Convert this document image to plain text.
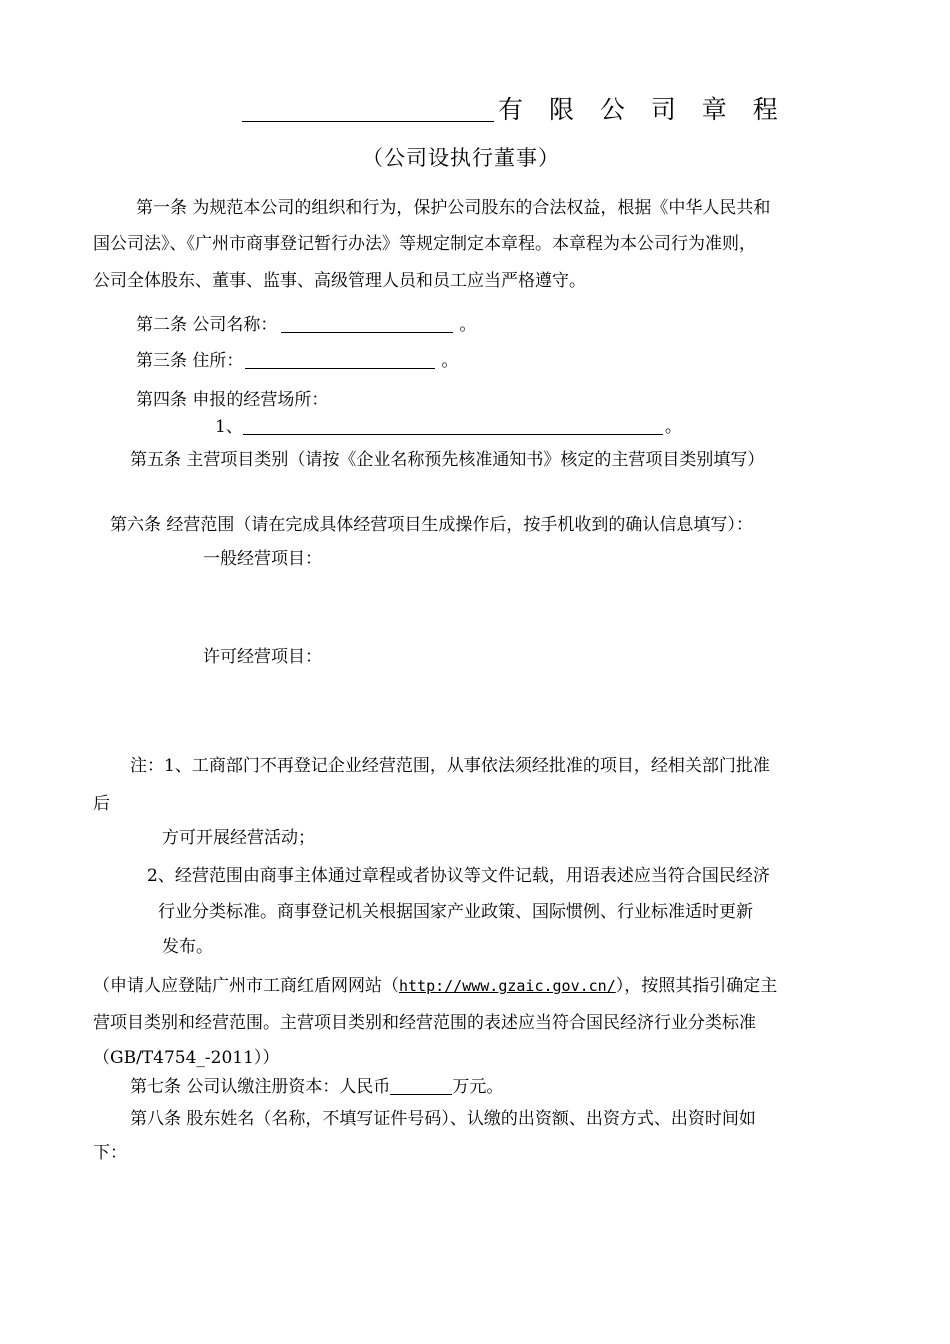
有 限 公 司 章 程
（公司设执行董事）
第一条 为规范本公司的组织和行为，保护公司股东的合法权益，根据《中华人民共和
国公司法》、《广州市商事登记暂行办法》等规定制定本章程。本章程为本公司行为准则，
公司全体股东、董事、监事、高级管理人员和员工应当严格遵守。
第二条 公司名称：	。
第三条 住所：	。
第四条 申报的经营场所：
1、	。
第五条 主营项目类别（请按《企业名称预先核准通知书》核定的主营项目类别填写）
第六条 经营范围（请在完成具体经营项目生成操作后，按手机收到的确认信息填写）：
一般经营项目：
许可经营项目：
注：1、工商部门不再登记企业经营范围，从事依法须经批准的项目，经相关部门批准
后
方可开展经营活动；
2、经营范围由商事主体通过章程或者协议等文件记载，用语表述应当符合国民经济
行业分类标准。商事登记机关根据国家产业政策、国际惯例、行业标准适时更新
发布。
（申请人应登陆广州市工商红盾网网站（http://www.gzaic.gov.cn/），按照其指引确定主
营项目类别和经营范围。主营项目类别和经营范围的表述应当符合国民经济行业分类标准
（GB/T4754_-2011））
第七条 公司认缴注册资本：人民币	万元。
第八条 股东姓名（名称，不填写证件号码）、认缴的出资额、出资方式、出资时间如
下：
